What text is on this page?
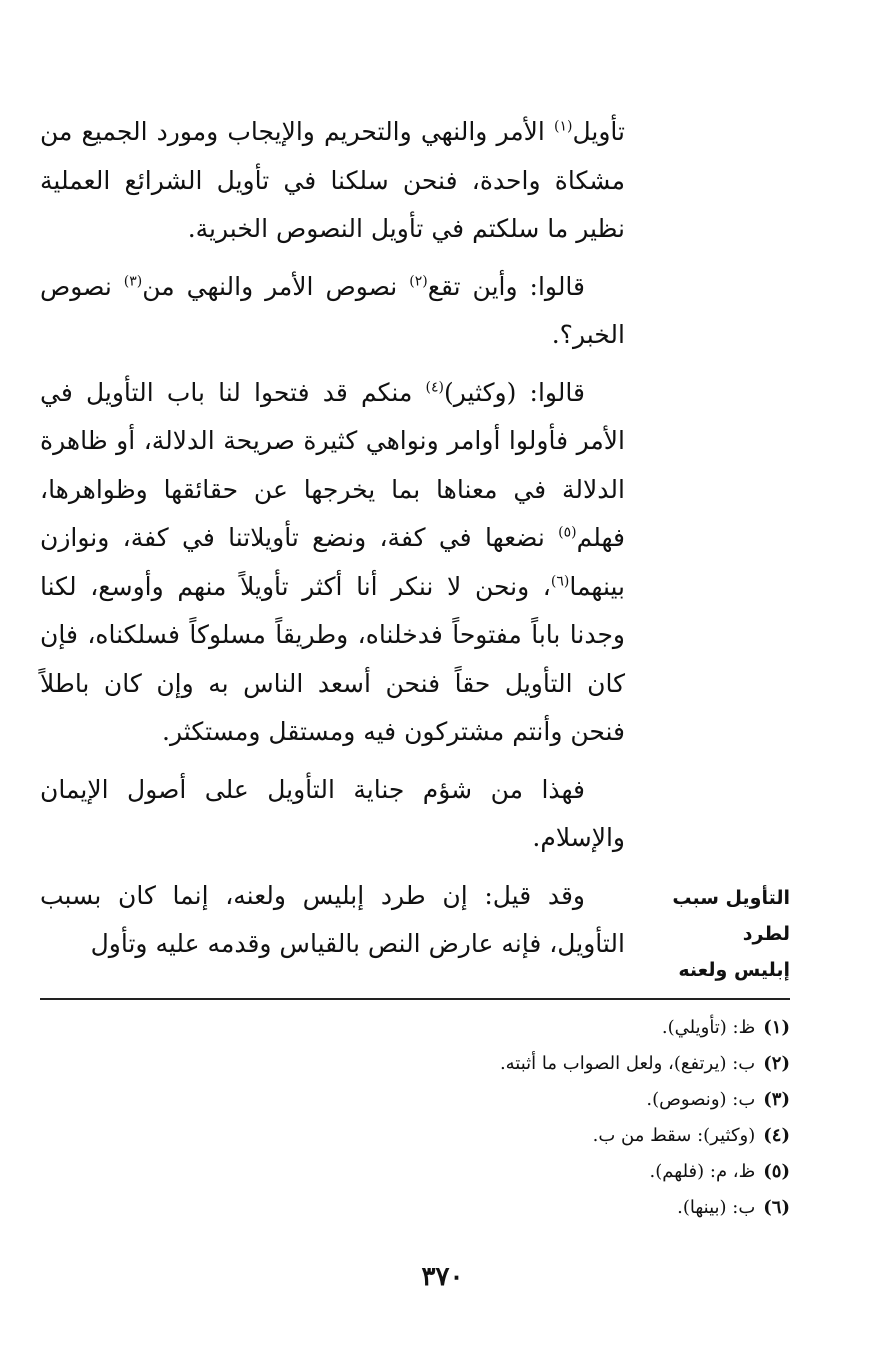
تأويل$^{(١)}$ الأمر والنهي والتحريم والإيجاب ومورد الجميع من مشكاة واحدة، فنحن سلكنا في تأويل الشرائع العملية نظير ما سلكتم في تأويل النصوص الخبرية.

قالوا: وأين تقع$^{(٢)}$ نصوص الأمر والنهي من$^{(٣)}$ نصوص الخبر؟.

قالوا: (وكثير)$^{(٤)}$ منكم قد فتحوا لنا باب التأويل في الأمر فأولوا أوامر ونواهي كثيرة صريحة الدلالة، أو ظاهرة الدلالة في معناها بما يخرجها عن حقائقها وظواهرها، فهلم$^{(٥)}$ نضعها في كفة، ونضع تأويلاتنا في كفة، ونوازن بينهما$^{(٦)}$، ونحن لا ننكر أنا أكثر تأويلاً منهم وأوسع، لكنا وجدنا باباً مفتوحاً فدخلناه، وطريقاً مسلوكاً فسلكناه، فإن كان التأويل حقاً فنحن أسعد الناس به وإن كان باطلاً فنحن وأنتم مشتركون فيه ومستقل ومستكثر.

فهذا من شؤم جناية التأويل على أصول الإيمان والإسلام.

وقد قيل: إن طرد إبليس ولعنه، إنما كان بسبب التأويل، فإنه عارض النص بالقياس وقدمه عليه وتأول

التأويل سبب لطرد
إبليس ولعنه

(١)ظ: (تأويلي).

(٢)ب: (يرتفع)، ولعل الصواب ما أثبته.

(٣)ب: (ونصوص).

(٤)(وكثير): سقط من ب.

(٥)ظ، م: (فلهم).

(٦)ب: (بينها).

٣٧٠
